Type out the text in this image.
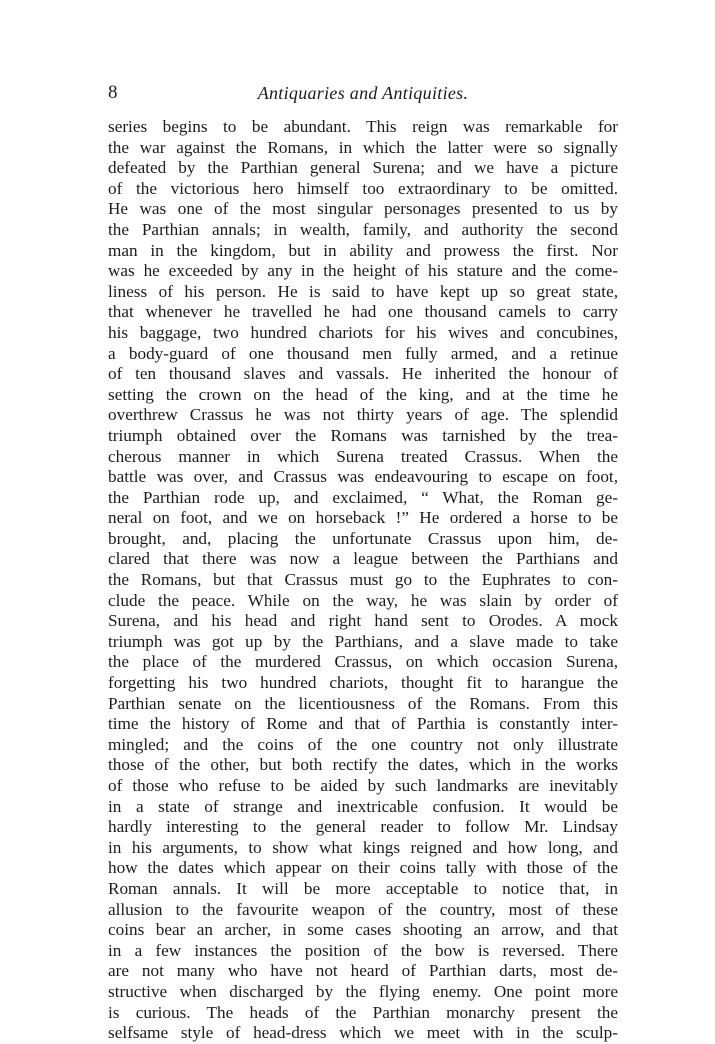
8	Antiquaries and Antiquities.
series begins to be abundant. This reign was remarkable for
the war against the Romans, in which the latter were so signally
defeated by the Parthian general Surena; and we have a picture
of the victorious hero himself too extraordinary to be omitted.
He was one of the most singular personages presented to us by
the Parthian annals; in wealth, family, and authority the second
man in the kingdom, but in ability and prowess the first. Nor
was he exceeded by any in the height of his stature and the come-
liness of his person. He is said to have kept up so great state,
that whenever he travelled he had one thousand camels to carry
his baggage, two hundred chariots for his wives and concubines,
a body-guard of one thousand men fully armed, and a retinue
of ten thousand slaves and vassals. He inherited the honour of
setting the crown on the head of the king, and at the time he
overthrew Crassus he was not thirty years of age. The splendid
triumph obtained over the Romans was tarnished by the trea-
cherous manner in which Surena treated Crassus. When the
battle was over, and Crassus was endeavouring to escape on foot,
the Parthian rode up, and exclaimed, “ What, the Roman ge-
neral on foot, and we on horseback !” He ordered a horse to be
brought, and, placing the unfortunate Crassus upon him, de-
clared that there was now a league between the Parthians and
the Romans, but that Crassus must go to the Euphrates to con-
clude the peace. While on the way, he was slain by order of
Surena, and his head and right hand sent to Orodes. A mock
triumph was got up by the Parthians, and a slave made to take
the place of the murdered Crassus, on which occasion Surena,
forgetting his two hundred chariots, thought fit to harangue the
Parthian senate on the licentiousness of the Romans. From this
time the history of Rome and that of Parthia is constantly inter-
mingled; and the coins of the one country not only illustrate
those of the other, but both rectify the dates, which in the works
of those who refuse to be aided by such landmarks are inevitably
in a state of strange and inextricable confusion. It would be
hardly interesting to the general reader to follow Mr. Lindsay
in his arguments, to show what kings reigned and how long, and
how the dates which appear on their coins tally with those of the
Roman annals. It will be more acceptable to notice that, in
allusion to the favourite weapon of the country, most of these
coins bear an archer, in some cases shooting an arrow, and that
in a few instances the position of the bow is reversed. There
are not many who have not heard of Parthian darts, most de-
structive when discharged by the flying enemy. One point more
is curious. The heads of the Parthian monarchy present the
selfsame style of head-dress which we meet with in the sculp-
